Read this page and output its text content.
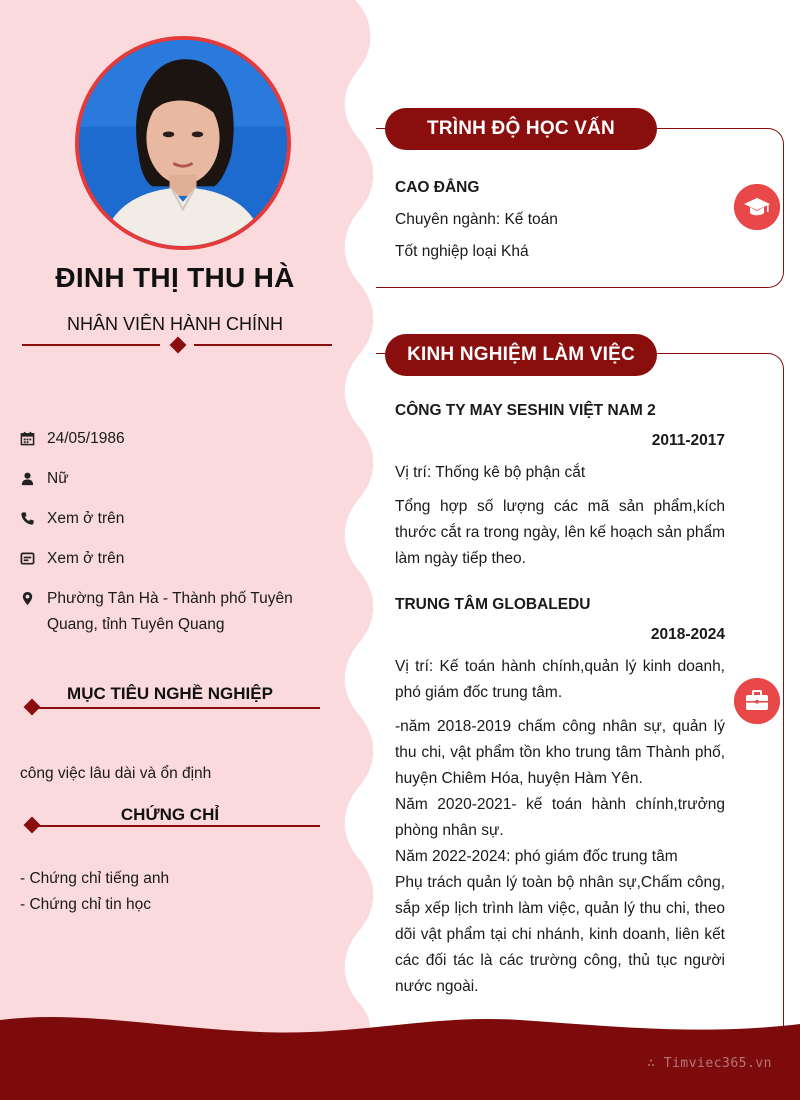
ĐINH THỊ THU HÀ
NHÂN VIÊN HÀNH CHÍNH
24/05/1986
Nữ
Xem ở trên
Xem ở trên
Phường Tân Hà - Thành phố Tuyên Quang, tỉnh Tuyên Quang
MỤC TIÊU NGHỀ NGHIỆP
công việc lâu dài và ổn định
CHỨNG CHỈ
- Chứng chỉ tiếng anh
- Chứng chỉ tin học
TRÌNH ĐỘ HỌC VẤN
CAO ĐẲNG
Chuyên ngành: Kế toán
Tốt nghiệp loại Khá
KINH NGHIỆM LÀM VIỆC
CÔNG TY MAY SESHIN VIỆT NAM 2
2011-2017
Vị trí: Thống kê bộ phận cắt
Tổng hợp số lượng các mã sản phẩm,kích thước cắt ra trong ngày, lên kế hoạch sản phẩm làm ngày tiếp theo.
TRUNG TÂM GLOBALEDU
2018-2024
Vị trí: Kế toán hành chính,quản lý kinh doanh, phó giám đốc trung tâm.
-năm 2018-2019 chấm công nhân sự, quản lý thu chi, vật phẩm tồn kho trung tâm Thành phố, huyện Chiêm Hóa, huyện Hàm Yên.
Năm 2020-2021- kế toán hành chính,trưởng phòng nhân sự.
Năm 2022-2024: phó giám đốc trung tâm
Phụ trách quản lý toàn bộ nhân sự,Chấm công, sắp xếp lịch trình làm việc, quản lý thu chi, theo dõi vật phẩm tại chi nhánh, kinh doanh, liên kết các đối tác là các trường công, thủ tục người nước ngoài.
∴ Timviec365.vn
